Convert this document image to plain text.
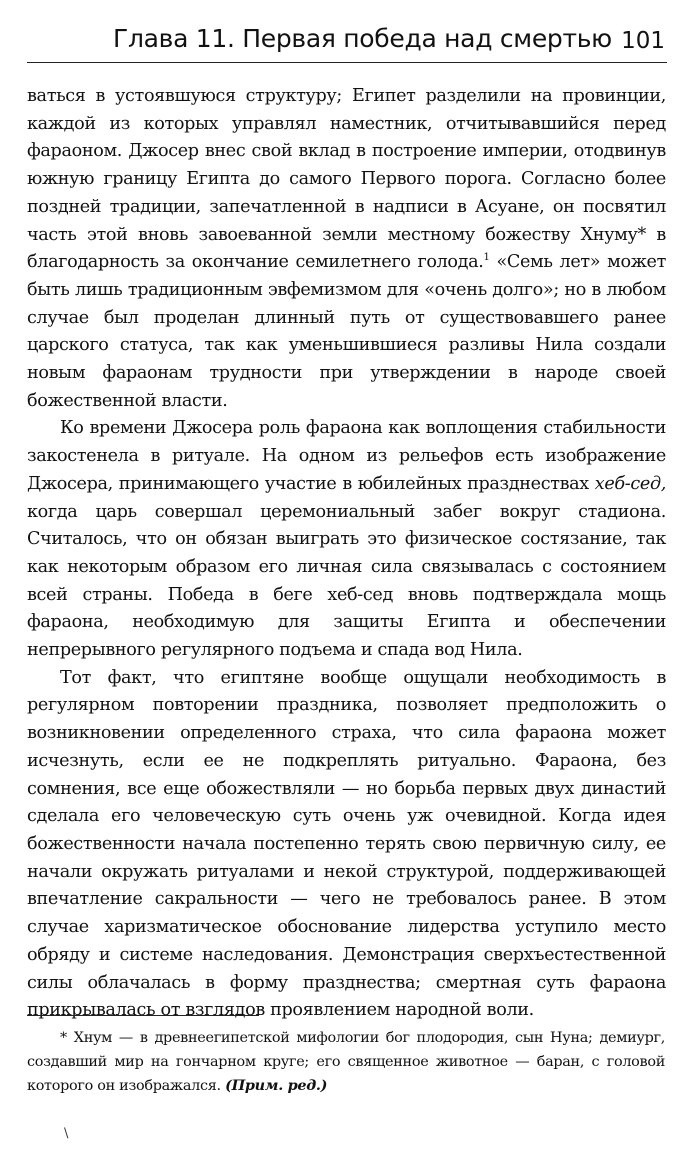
Глава 11. Первая победа над смертью 101

ваться в устоявшуюся структуру; Египет разделили на провинции, каждой из которых управлял наместник, отчитывавшийся перед фараоном. Джосер внес свой вклад в построение империи, отодвинув южную границу Египта до самого Первого порога. Согласно более поздней традиции, запечатленной в надписи в Асуане, он посвятил часть этой вновь завоеванной земли местному божеству Хнуму* в благодарность за окончание семилетнего голода.$^1$ «Семь лет» может быть лишь традиционным эвфемизмом для «очень долго»; но в любом случае был проделан длинный путь от существовавшего ранее царского статуса, так как уменьшившиеся разливы Нила создали новым фараонам трудности при утверждении в народе своей божественной власти.

Ко времени Джосера роль фараона как воплощения стабильности закостенела в ритуале. На одном из рельефов есть изображение Джосера, принимающего участие в юбилейных празднествах хеб-сед, когда царь совершал церемониальный забег вокруг стадиона. Считалось, что он обязан выиграть это физическое состязание, так как некоторым образом его личная сила связывалась с состоянием всей страны. Победа в беге хеб-сед вновь подтверждала мощь фараона, необходимую для защиты Египта и обеспечении непрерывного регулярного подъема и спада вод Нила.

Тот факт, что египтяне вообще ощущали необходимость в регулярном повторении праздника, позволяет предположить о возникновении определенного страха, что сила фараона может исчезнуть, если ее не подкреплять ритуально. Фараона, без сомнения, все еще обожествляли — но борьба первых двух династий сделала его человеческую суть очень уж очевидной. Когда идея божественности начала постепенно терять свою первичную силу, ее начали окружать ритуалами и некой структурой, поддерживающей впечатление сакральности — чего не требовалось ранее. В этом случае харизматическое обоснование лидерства уступило место обряду и системе наследования. Демонстрация сверхъестественной силы облачалась в форму празднества; смертная суть фараона прикрывалась от взглядов проявлением народной воли.

* Хнум — в древнеегипетской мифологии бог плодородия, сын Нуна; демиург, создавший мир на гончарном круге; его священное животное — баран, с головой которого он изображался. (Прим. ред.)

\
